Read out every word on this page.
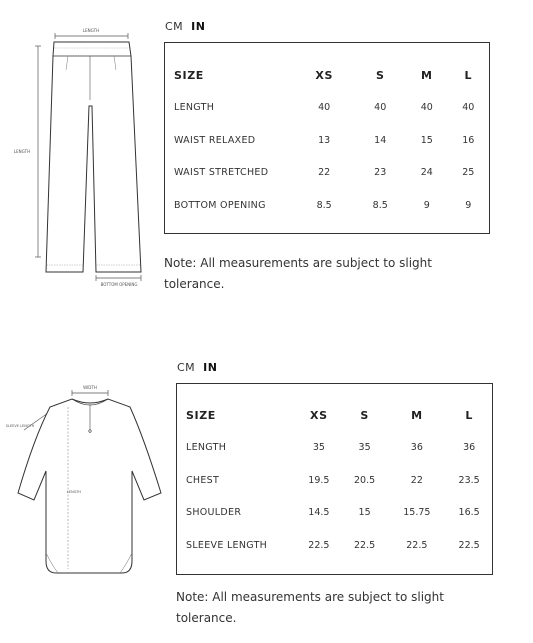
LENGTH
LENGTH
BOTTOM OPENING
CM IN
SIZE	XS	S	M	L
LENGTH	40	40	40	40
WAIST RELAXED	13	14	15	16
WAIST STRETCHED	22	23	24	25
BOTTOM OPENING	8.5	8.5	9	9
Note: All measurements are subject to slight tolerance.
WIDTH
SLEEVE LENGTH
LENGTH
CM IN
SIZE	XS	S	M	L
LENGTH	35	35	36	36
CHEST	19.5	20.5	22	23.5
SHOULDER	14.5	15	15.75	16.5
SLEEVE LENGTH	22.5	22.5	22.5	22.5
Note: All measurements are subject to slight tolerance.
